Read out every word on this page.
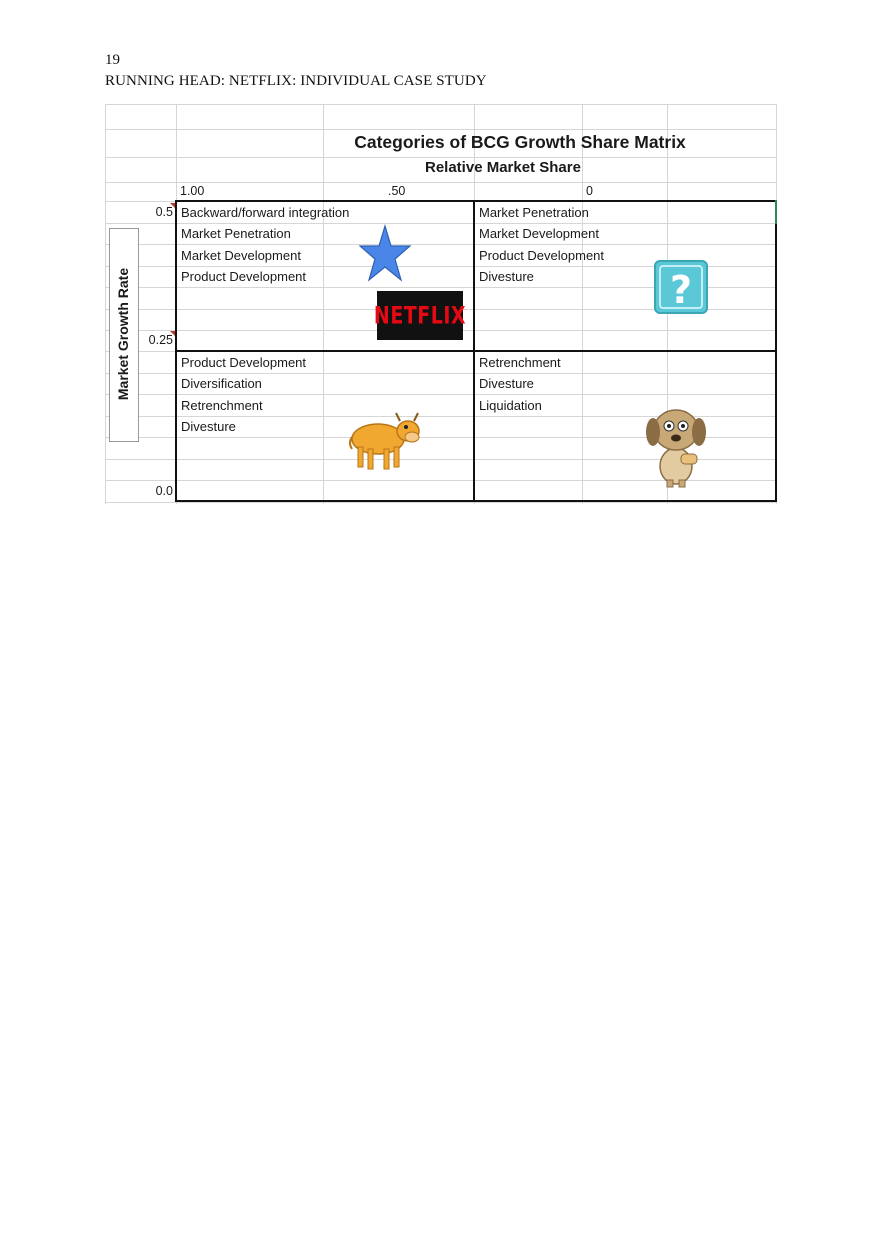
19
RUNNING HEAD: NETFLIX: INDIVIDUAL CASE STUDY
Categories of BCG Growth Share Matrix
Relative Market Share
1.00	.50	0
Market Growth Rate
0.5
0.25
0.0
Backward/forward integration
Market Penetration
Market Development
Product Development
Market Penetration
Market Development
Product Development
Divesture
Product Development
Diversification
Retrenchment
Divesture
Retrenchment
Divesture
Liquidation
NETFLIX
?
